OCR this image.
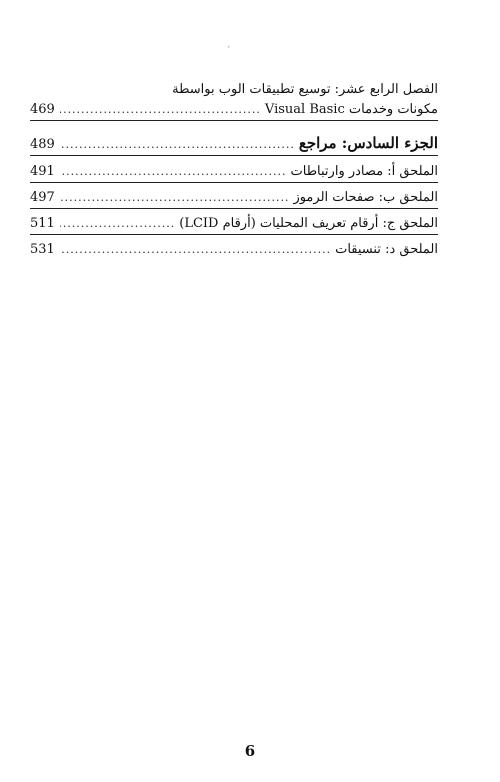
الفصل الرابع عشر: توسيع تطبيقات الوب بواسطة
مكونات وخدمات Visual Basic
.....
469
الجزء السادس: مراجع
.....
489
الملحق أ: مصادر وارتباطات
.....
491
الملحق ب: صفحات الرموز
.....
497
الملحق ج: أرقام تعريف المحليات (أرقام LCID)
.....
511
الملحق د: تنسيقات
.....
531
6
